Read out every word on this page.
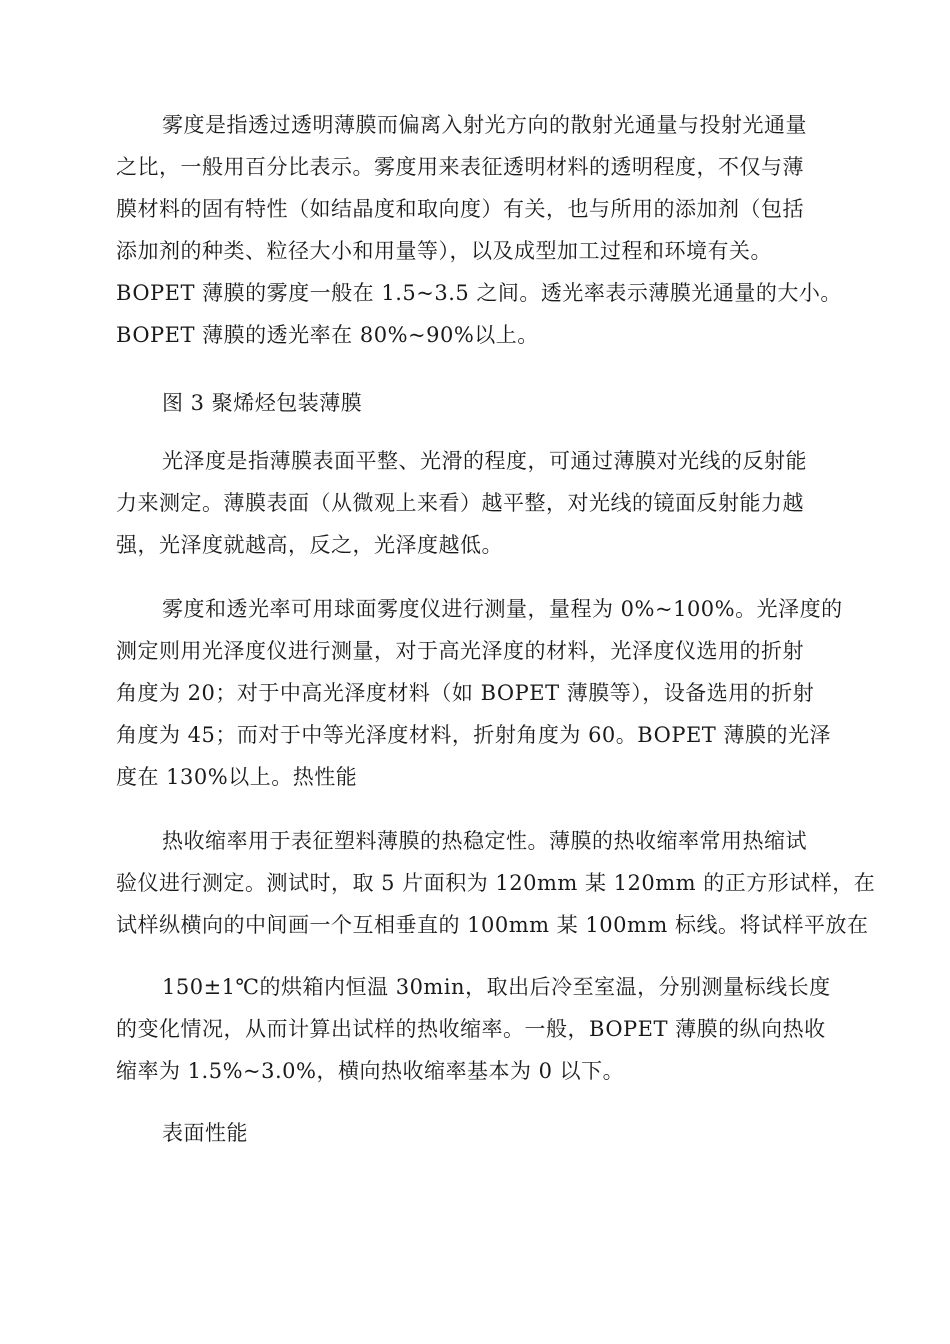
雾度是指透过透明薄膜而偏离入射光方向的散射光通量与投射光通量
之比，一般用百分比表示。雾度用来表征透明材料的透明程度，不仅与薄
膜材料的固有特性（如结晶度和取向度）有关，也与所用的添加剂（包括
添加剂的种类、粒径大小和用量等），以及成型加工过程和环境有关。
BOPET 薄膜的雾度一般在 1.5~3.5 之间。透光率表示薄膜光通量的大小。
BOPET 薄膜的透光率在 80%~90%以上。

图 3 聚烯烃包装薄膜

光泽度是指薄膜表面平整、光滑的程度，可通过薄膜对光线的反射能
力来测定。薄膜表面（从微观上来看）越平整，对光线的镜面反射能力越
强，光泽度就越高，反之，光泽度越低。

雾度和透光率可用球面雾度仪进行测量，量程为 0%~100%。光泽度的
测定则用光泽度仪进行测量，对于高光泽度的材料，光泽度仪选用的折射
角度为 20；对于中高光泽度材料（如 BOPET 薄膜等），设备选用的折射
角度为 45；而对于中等光泽度材料，折射角度为 60。BOPET 薄膜的光泽
度在 130%以上。热性能

热收缩率用于表征塑料薄膜的热稳定性。薄膜的热收缩率常用热缩试
验仪进行测定。测试时，取 5 片面积为 120mm 某 120mm 的正方形试样，在
试样纵横向的中间画一个互相垂直的 100mm 某 100mm 标线。将试样平放在

150±1℃的烘箱内恒温 30min，取出后冷至室温，分别测量标线长度
的变化情况，从而计算出试样的热收缩率。一般，BOPET 薄膜的纵向热收
缩率为 1.5%~3.0%，横向热收缩率基本为 0 以下。

表面性能
